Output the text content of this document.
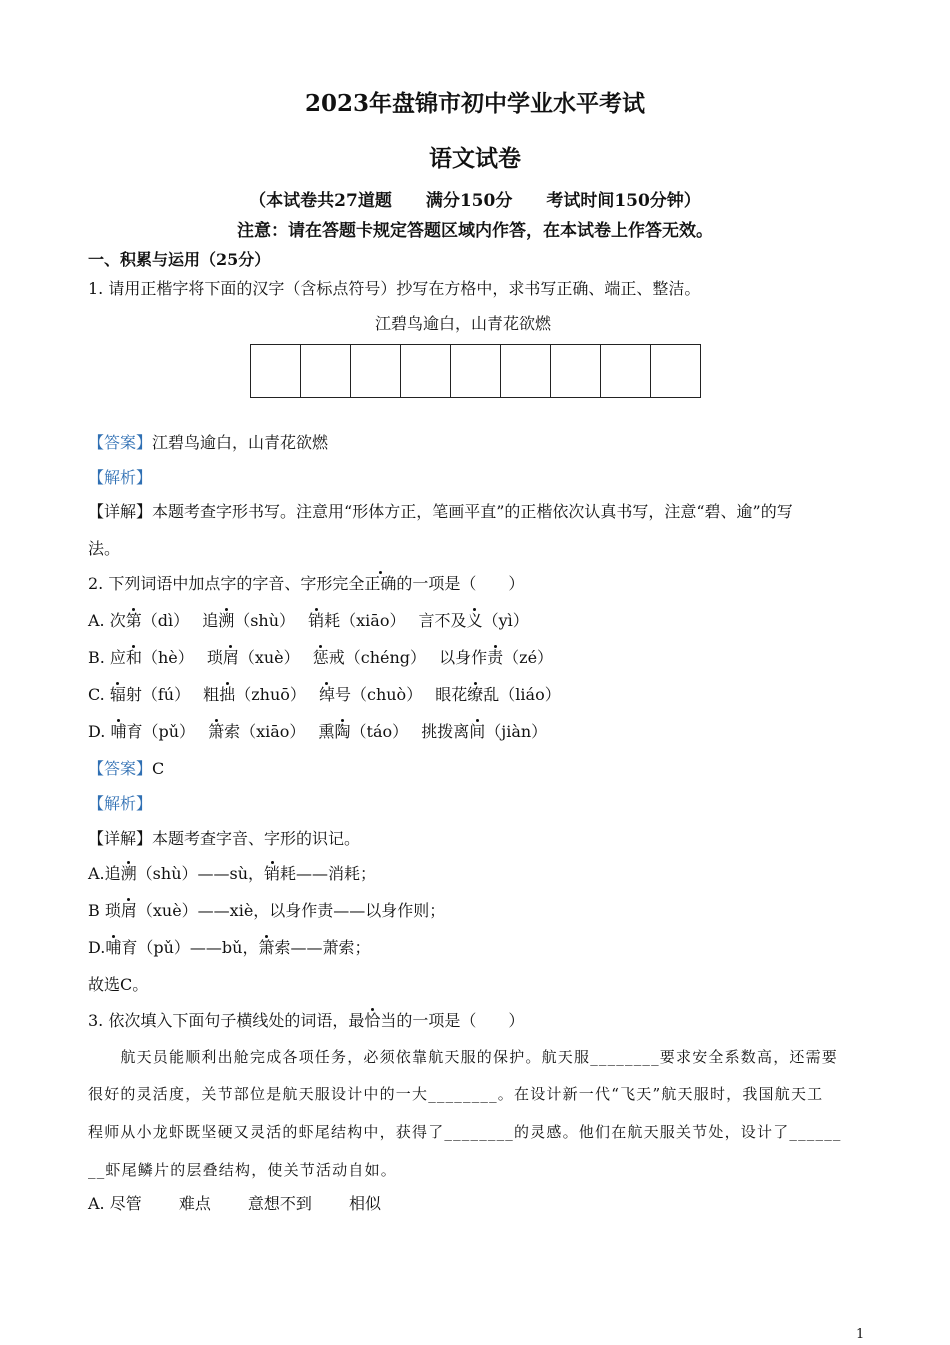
2023年盘锦市初中学业水平考试
语文试卷
（本试卷共27道题　　满分150分　　考试时间150分钟）
注意：请在答题卡规定答题区域内作答，在本试卷上作答无效。
一、积累与运用（25分）
1. 请用正楷字将下面的汉字（含标点符号）抄写在方格中，求书写正确、端正、整洁。
江碧鸟逾白，山青花欲燃
【答案】江碧鸟逾白，山青花欲燃
【解析】
【详解】本题考查字形书写。注意用“形体方正，笔画平直”的正楷依次认真书写，注意“碧、逾”的写
法。
2. 下列词语中加点字的字音、字形完全正确的一项是（　　）
A. 次第（dì）　 追溯（shù）　 销耗（xiāo）　 言不及义（yì）
B. 应和（hè）　 琐屑（xuè）　 惩戒（chéng）　 以身作责（zé）
C. 辐射（fú）　 粗拙（zhuō）　 绰号（chuò）　 眼花缭乱（liáo）
D. 哺育（pǔ）　 箫索（xiāo）　 熏陶（táo）　 挑拨离间（jiàn）
【答案】C
【解析】
【详解】本题考查字音、字形的识记。
A.追溯（shù）——sù，销耗——消耗；
B 琐屑（xuè）——xiè，以身作责——以身作则；
D.哺育（pǔ）——bǔ，箫索——萧索；
故选C。
3. 依次填入下面句子横线处的词语，最恰当的一项是（　　）
　　航天员能顺利出舱完成各项任务，必须依靠航天服的保护。航天服________要求安全系数高，还需要
很好的灵活度，关节部位是航天服设计中的一大________。在设计新一代“飞天”航天服时，我国航天工
程师从小龙虾既坚硬又灵活的虾尾结构中，获得了________的灵感。他们在航天服关节处，设计了______
__虾尾鳞片的层叠结构，使关节活动自如。
A. 尽管　　 难点　　 意想不到　　 相似
1
